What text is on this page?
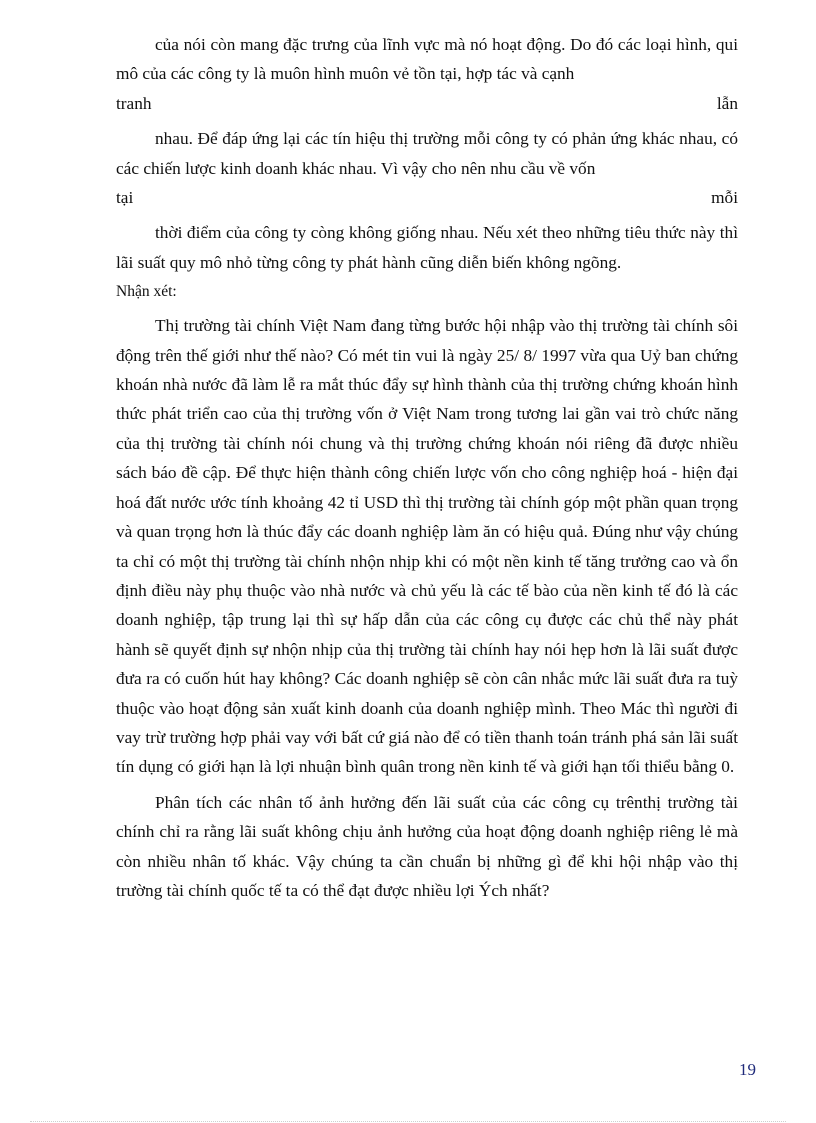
của nói còn mang đặc trưng của lĩnh vực mà nó hoạt động. Do đó các loại hình, qui mô của các công ty là muôn hình muôn vẻ tồn tại, hợp tác và cạnh

tranh lẫn

nhau. Để đáp ứng lại các tín hiệu thị trường mỗi công ty có phản ứng khác nhau, có các chiến lược kinh doanh khác nhau. Vì vậy cho nên nhu cầu về vốn

tại mỗi

thời điểm của công ty còng không giống nhau. Nếu xét theo những tiêu thức này thì lãi suất quy mô nhỏ từng công ty phát hành cũng diễn biến không ngõng.

Nhận xét:

Thị trường tài chính Việt Nam đang từng bước hội nhập vào thị trường tài chính sôi động trên thế giới như thế nào? Có mét tin vui là ngày 25/ 8/ 1997 vừa qua Uỷ ban chứng khoán nhà nước đã làm lễ ra mắt thúc đẩy sự hình thành của thị trường chứng khoán hình thức phát triển cao của thị trường vốn ở Việt Nam trong tương lai gần vai trò chức năng của thị trường tài chính nói chung và thị trường chứng khoán nói riêng đã được nhiều sách báo đề cập. Để thực hiện thành công chiến lược vốn cho công nghiệp hoá - hiện đại hoá đất nước ước tính khoảng 42 tỉ USD thì thị trường tài chính góp một phần quan trọng và quan trọng hơn là thúc đẩy các doanh nghiệp làm ăn có hiệu quả. Đúng như vậy chúng ta chỉ có một thị trường tài chính nhộn nhịp khi có một nền kinh tế tăng trưởng cao và ổn định điều này phụ thuộc vào nhà nước và chủ yếu là các tế bào của nền kinh tế đó là các doanh nghiệp, tập trung lại thì sự hấp dẫn của các công cụ được các chủ thể này phát hành sẽ quyết định sự nhộn nhịp của thị trường tài chính hay nói hẹp hơn là lãi suất được đưa ra có cuốn hút hay không? Các doanh nghiệp sẽ còn cân nhắc mức lãi suất đưa ra tuỳ thuộc vào hoạt động sản xuất kinh doanh của doanh nghiệp mình. Theo Mác thì người đi vay trừ trường hợp phải vay với bất cứ giá nào để có tiền thanh toán tránh phá sản lãi suất tín dụng có giới hạn là lợi nhuận bình quân trong nền kinh tế và giới hạn tối thiểu bằng 0.

Phân tích các nhân tố ảnh hưởng đến lãi suất của các công cụ trênthị trường tài chính chỉ ra rằng lãi suất không chịu ảnh hưởng của hoạt động doanh nghiệp riêng lẻ mà còn nhiều nhân tố khác. Vậy chúng ta cần chuẩn bị những gì để khi hội nhập vào thị trường tài chính quốc tế ta có thể đạt được nhiều lợi Ých nhất?

19
